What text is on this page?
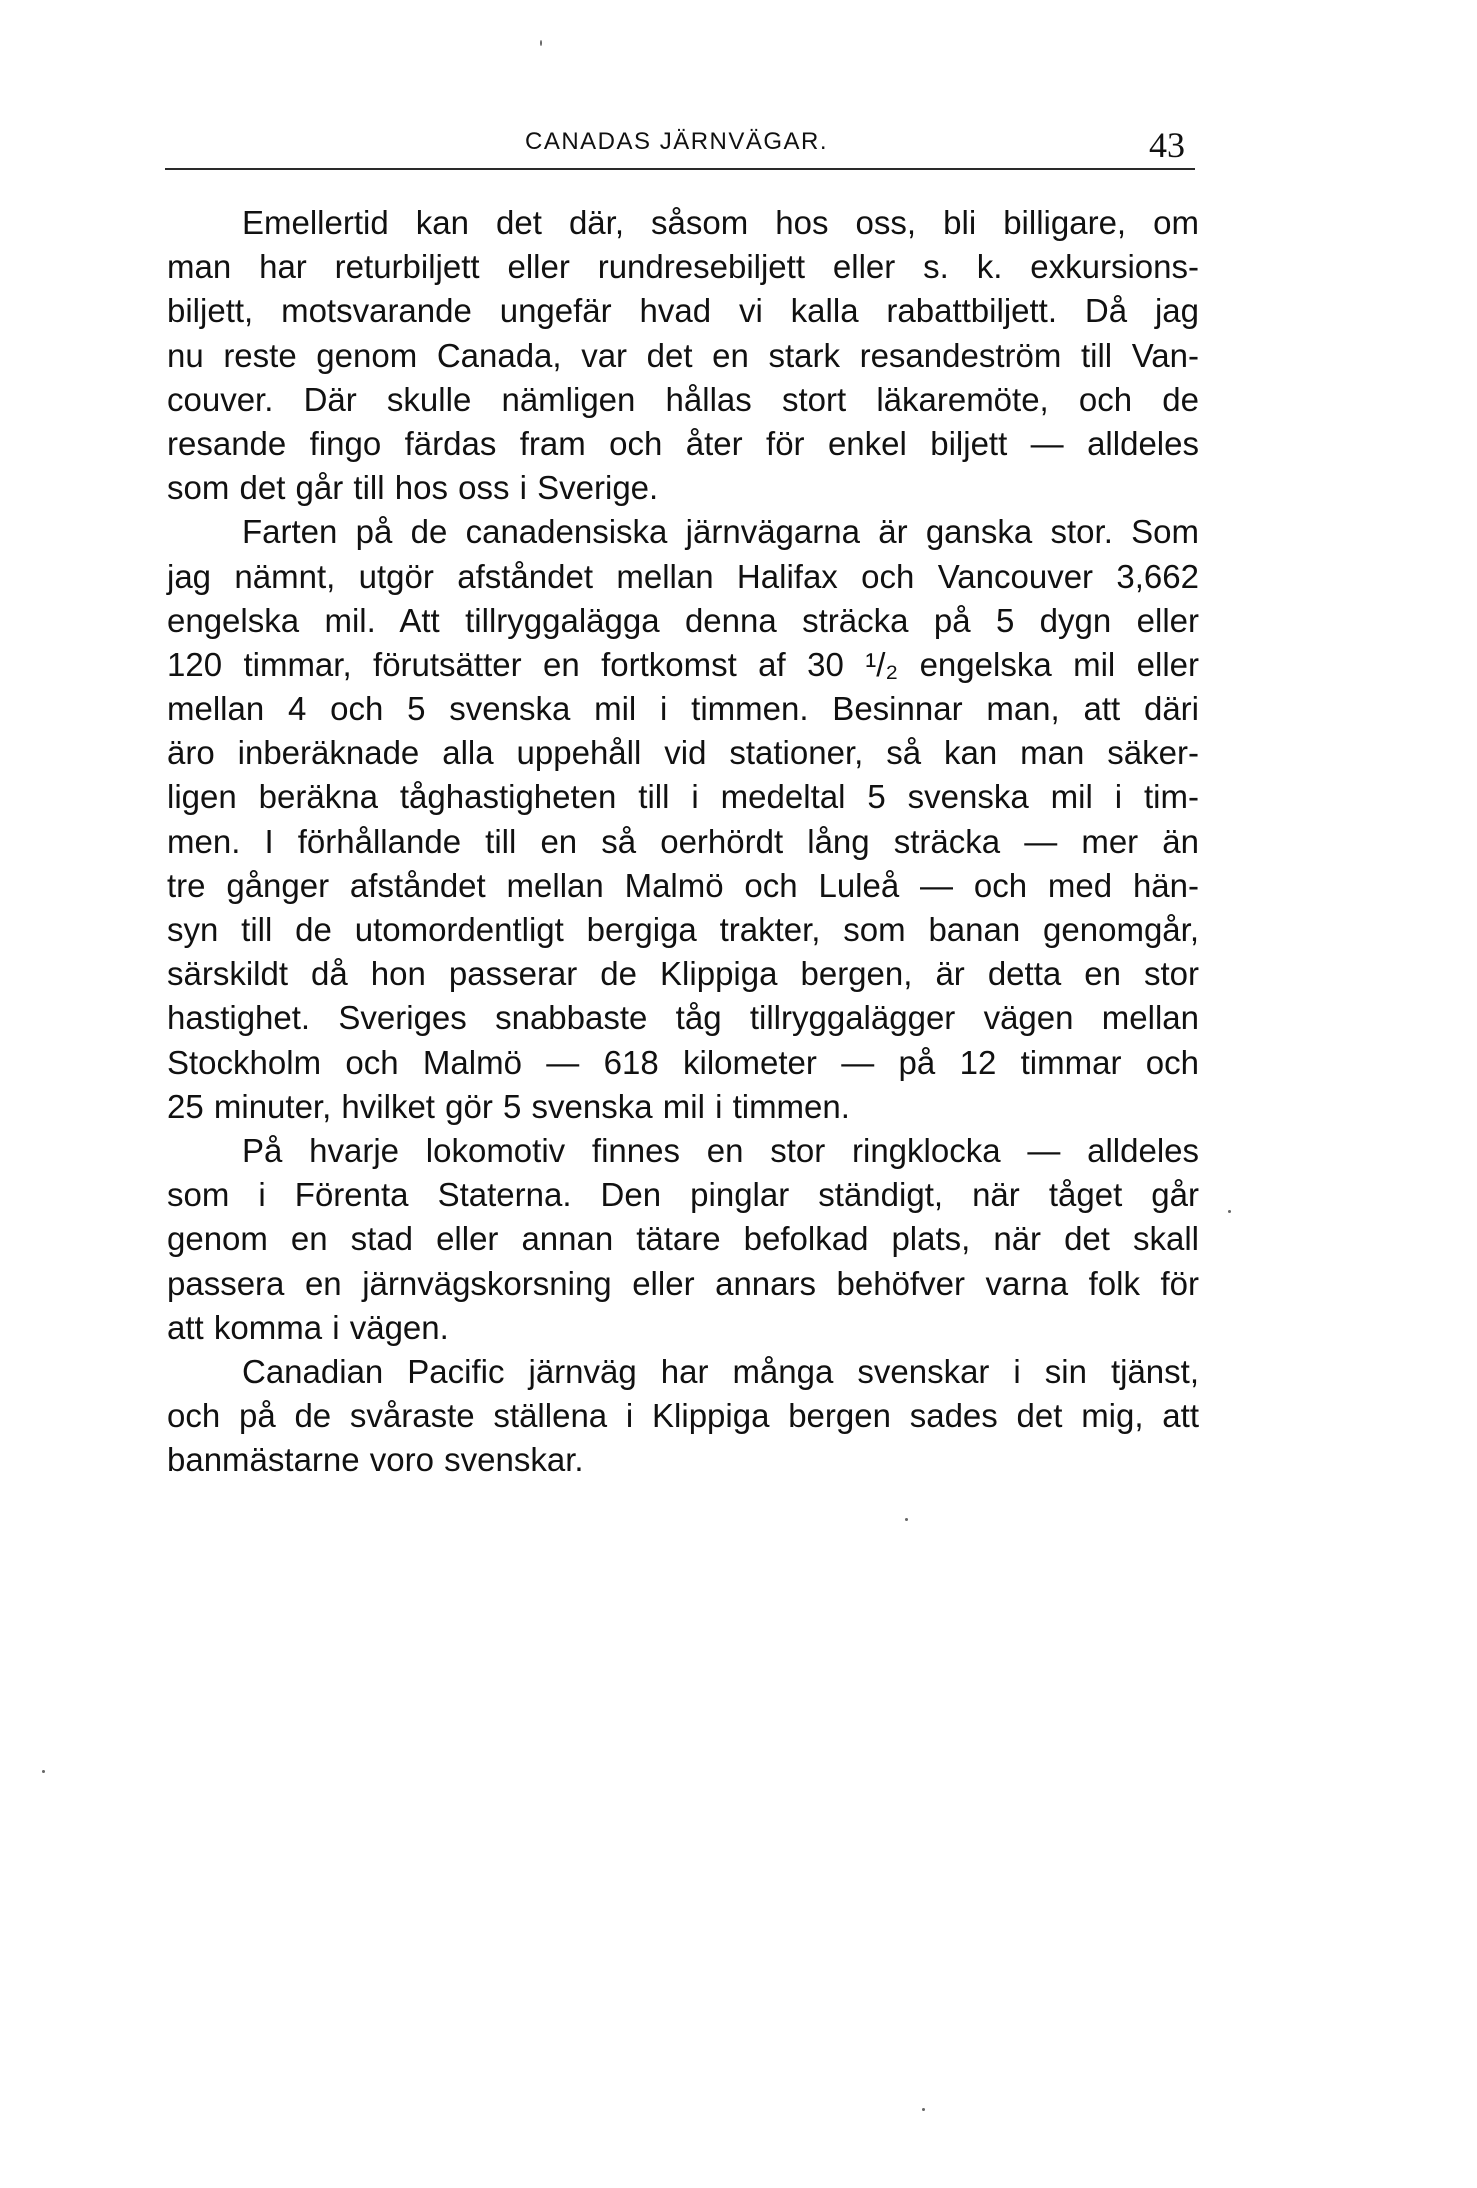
CANADAS JÄRNVÄGAR.	43
Emellertid kan det där, såsom hos oss, bli billigare, om
man har returbiljett eller rundresebiljett eller s. k. exkursions-
biljett, motsvarande ungefär hvad vi kalla rabattbiljett. Då jag
nu reste genom Canada, var det en stark resandeström till Van-
couver. Där skulle nämligen hållas stort läkaremöte, och de
resande fingo färdas fram och åter för enkel biljett — alldeles
som det går till hos oss i Sverige.
Farten på de canadensiska järnvägarna är ganska stor. Som
jag nämnt, utgör afståndet mellan Halifax och Vancouver 3,662
engelska mil. Att tillryggalägga denna sträcka på 5 dygn eller
120 timmar, förutsätter en fortkomst af 30 ¹/₂ engelska mil eller
mellan 4 och 5 svenska mil i timmen. Besinnar man, att däri
äro inberäknade alla uppehåll vid stationer, så kan man säker-
ligen beräkna tåghastigheten till i medeltal 5 svenska mil i tim-
men. I förhållande till en så oerhördt lång sträcka — mer än
tre gånger afståndet mellan Malmö och Luleå — och med hän-
syn till de utomordentligt bergiga trakter, som banan genomgår,
särskildt då hon passerar de Klippiga bergen, är detta en stor
hastighet. Sveriges snabbaste tåg tillryggalägger vägen mellan
Stockholm och Malmö — 618 kilometer — på 12 timmar och
25 minuter, hvilket gör 5 svenska mil i timmen.
På hvarje lokomotiv finnes en stor ringklocka — alldeles
som i Förenta Staterna. Den pinglar ständigt, när tåget går
genom en stad eller annan tätare befolkad plats, när det skall
passera en järnvägskorsning eller annars behöfver varna folk för
att komma i vägen.
Canadian Pacific järnväg har många svenskar i sin tjänst,
och på de svåraste ställena i Klippiga bergen sades det mig, att
banmästarne voro svenskar.
